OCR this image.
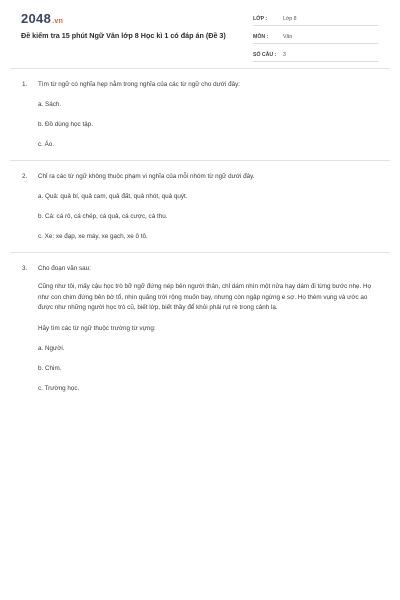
2048.vn
Đề kiểm tra 15 phút Ngữ Văn lớp 8 Học kì 1 có đáp án (Đề 3)
LỚP :	Lớp 8
MÔN :	Văn
SỐ CÂU :	3
1.	Tìm từ ngữ có nghĩa hẹp nằm trong nghĩa của các từ ngữ cho dưới đây:
a. Sách.
b. Đồ dùng học tập.
c. Áo.
2.	Chỉ ra các từ ngữ không thuộc phạm vi nghĩa của mỗi nhóm từ ngữ dưới đây.
a. Quả: quả bí, quả cam, quả đất, quả nhót, quả quýt.
b. Cá: cá rô, cá chép, cá quả, cá cược, cá thu.
c. Xe: xe đạp, xe máy, xe gạch, xe ô tô.
3.	Cho đoạn văn sau:
Cũng như tôi, mấy cậu học trò bỡ ngỡ đứng nép bên người thân, chỉ dám nhìn một nửa hay dám đi từng bước nhẹ. Họ như con chim đứng bên bờ tổ, nhìn quãng trời rộng muốn bay, nhưng còn ngập ngừng e sợ. Họ thèm vụng và ước ao được như những người học trò cũ, biết lớp, biết thầy để khỏi phải rụt rè trong cảnh lạ.
Hãy tìm các từ ngữ thuộc trường từ vựng:
a. Người.
b. Chim.
c. Trường học.
